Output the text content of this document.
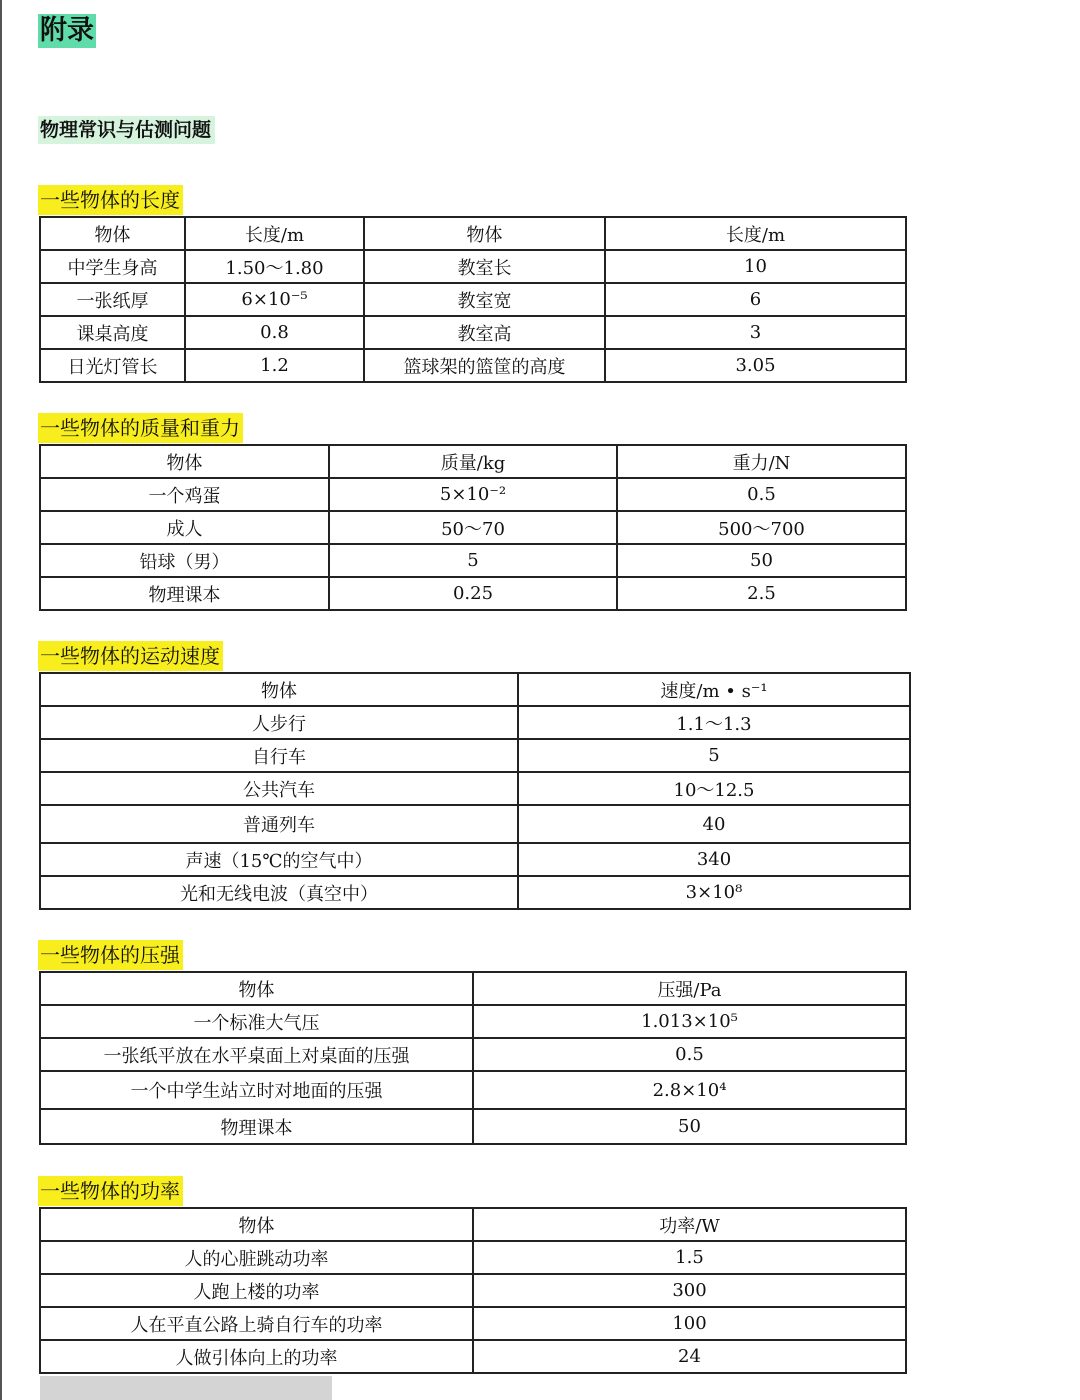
附录
物理常识与估测问题
一些物体的长度
物体	长度/m	物体	长度/m
中学生身高	1.50～1.80	教室长	10
一张纸厚	6×10⁻⁵	教室宽	6
课桌高度	0.8	教室高	3
日光灯管长	1.2	篮球架的篮筐的高度	3.05
一些物体的质量和重力
物体	质量/kg	重力/N
一个鸡蛋	5×10⁻²	0.5
成人	50～70	500～700
铅球（男）	5	50
物理课本	0.25	2.5
一些物体的运动速度
物体	速度/m • s⁻¹
人步行	1.1～1.3
自行车	5
公共汽车	10～12.5
普通列车	40
声速（15℃的空气中）	340
光和无线电波（真空中）	3×10⁸
一些物体的压强
物体	压强/Pa
一个标准大气压	1.013×10⁵
一张纸平放在水平桌面上对桌面的压强	0.5
一个中学生站立时对地面的压强	2.8×10⁴
物理课本	50
一些物体的功率
物体	功率/W
人的心脏跳动功率	1.5
人跑上楼的功率	300
人在平直公路上骑自行车的功率	100
人做引体向上的功率	24
